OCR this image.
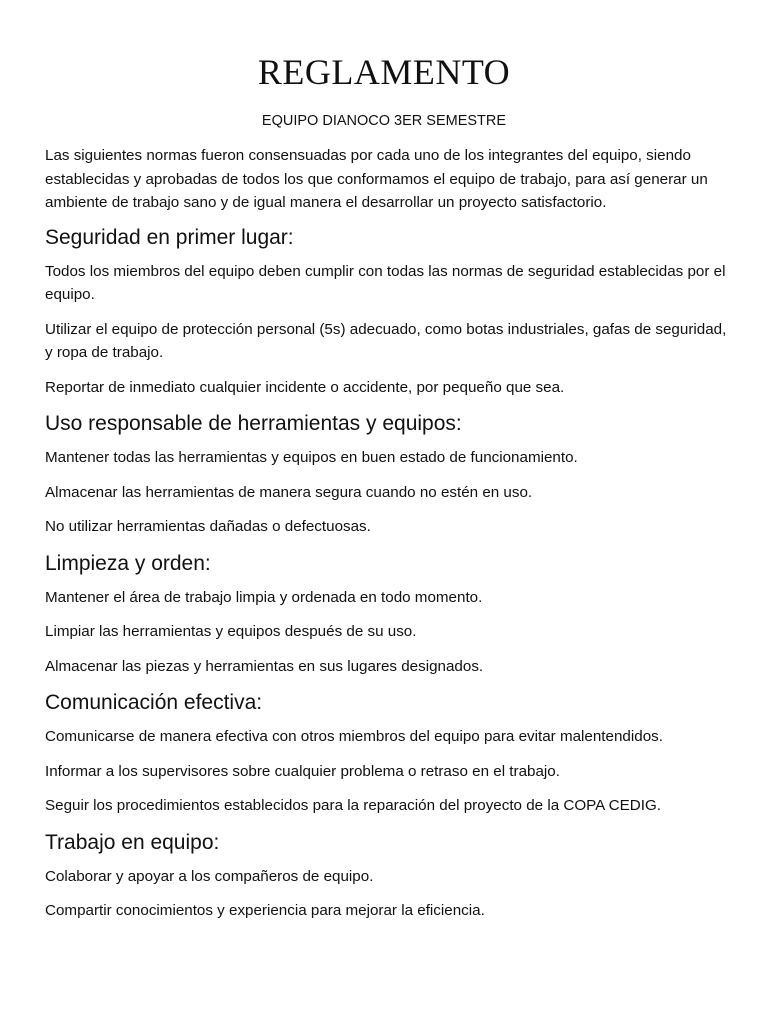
REGLAMENTO

EQUIPO DIANOCO 3ER SEMESTRE

Las siguientes normas fueron consensuadas por cada uno de los integrantes del equipo, siendo establecidas y aprobadas de todos los que conformamos el equipo de trabajo, para así generar un ambiente de trabajo sano y de igual manera el desarrollar un proyecto satisfactorio.

Seguridad en primer lugar:
Todos los miembros del equipo deben cumplir con todas las normas de seguridad establecidas por el equipo.
Utilizar el equipo de protección personal (5s) adecuado, como botas industriales, gafas de seguridad, y ropa de trabajo.
Reportar de inmediato cualquier incidente o accidente, por pequeño que sea.
Uso responsable de herramientas y equipos:
Mantener todas las herramientas y equipos en buen estado de funcionamiento.
Almacenar las herramientas de manera segura cuando no estén en uso.
No utilizar herramientas dañadas o defectuosas.
Limpieza y orden:
Mantener el área de trabajo limpia y ordenada en todo momento.
Limpiar las herramientas y equipos después de su uso.
Almacenar las piezas y herramientas en sus lugares designados.
Comunicación efectiva:
Comunicarse de manera efectiva con otros miembros del equipo para evitar malentendidos.
Informar a los supervisores sobre cualquier problema o retraso en el trabajo.
Seguir los procedimientos establecidos para la reparación del proyecto de la COPA CEDIG.
Trabajo en equipo:
Colaborar y apoyar a los compañeros de equipo.
Compartir conocimientos y experiencia para mejorar la eficiencia.
